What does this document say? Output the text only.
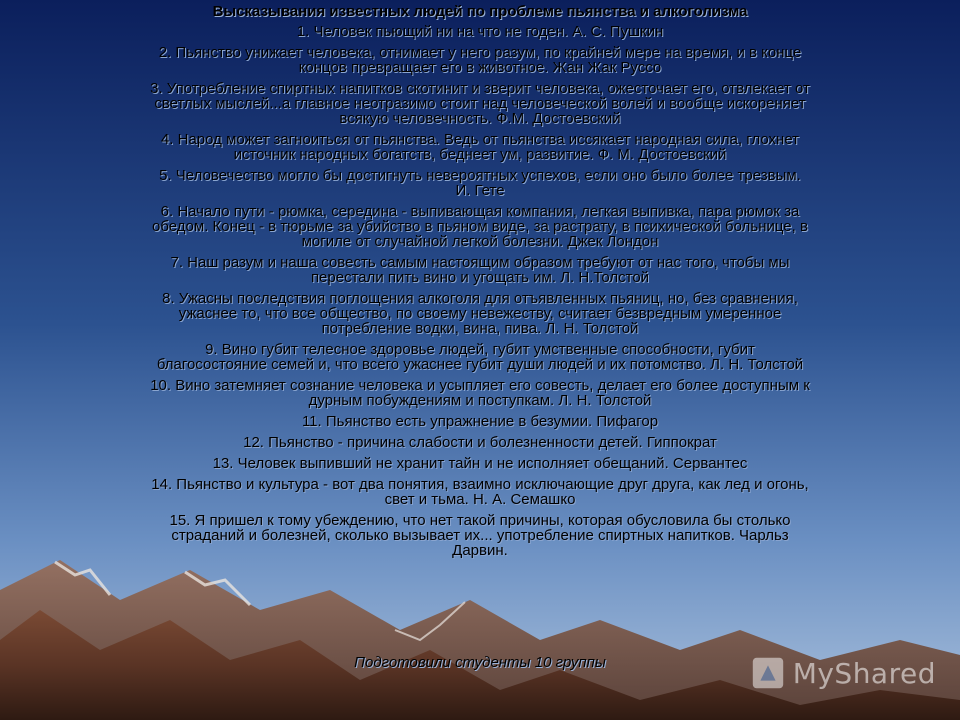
Высказывания известных людей по проблеме пьянства и алкоголизма

1. Человек пьющий ни на что не годен. А. С. Пушкин

2. Пьянство унижает человека, отнимает у него разум, по крайней мере на время, и в конце концов превращает его в животное. Жан Жак Руссо

3. Употребление спиртных напитков скотинит и зверит человека, ожесточает его, отвлекает от светлых мыслей...а главное неотразимо стоит над человеческой волей и вообще искореняет всякую человечность. Ф.М. Достоевский

4. Народ может загноиться от пьянства. Ведь от пьянства иссякает народная сила, глохнет источник народных богатств, беднеет ум, развитие. Ф. М. Достоевский

5. Человечество могло бы достигнуть невероятных успехов, если оно было более трезвым. И. Гете

6. Начало пути - рюмка, середина - выпивающая компания, легкая выпивка, пара рюмок за обедом. Конец - в тюрьме за убийство в пьяном виде, за растрату, в психической больнице, в могиле от случайной легкой болезни. Джек Лондон

7. Наш разум и наша совесть самым настоящим образом требуют от нас того, чтобы мы перестали пить вино и угощать им. Л. Н.Толстой

8. Ужасны последствия поглощения алкоголя для отъявленных пьяниц, но, без сравнения, ужаснее то, что все общество, по своему невежеству, считает безвредным умеренное потребление водки, вина, пива. Л. Н. Толстой

9. Вино губит телесное здоровье людей, губит умственные способности, губит благосостояние семей и, что всего ужаснее губит души людей и их потомство. Л. Н. Толстой

10. Вино затемняет сознание человека и усыпляет его совесть, делает его более доступным к дурным побуждениям и поступкам. Л. Н. Толстой

11. Пьянство есть упражнение в безумии. Пифагор

12. Пьянство - причина слабости и болезненности детей. Гиппократ

13. Человек выпивший не хранит тайн и не исполняет обещаний. Сервантес

14. Пьянство и культура - вот два понятия, взаимно исключающие друг друга, как лед и огонь, свет и тьма. Н. А. Семашко

15. Я пришел к тому убеждению, что нет такой причины, которая обусловила бы столько страданий и болезней, сколько вызывает их... употребление спиртных напитков. Чарльз Дарвин.

Подготовили студенты 10 группы	MyShared
